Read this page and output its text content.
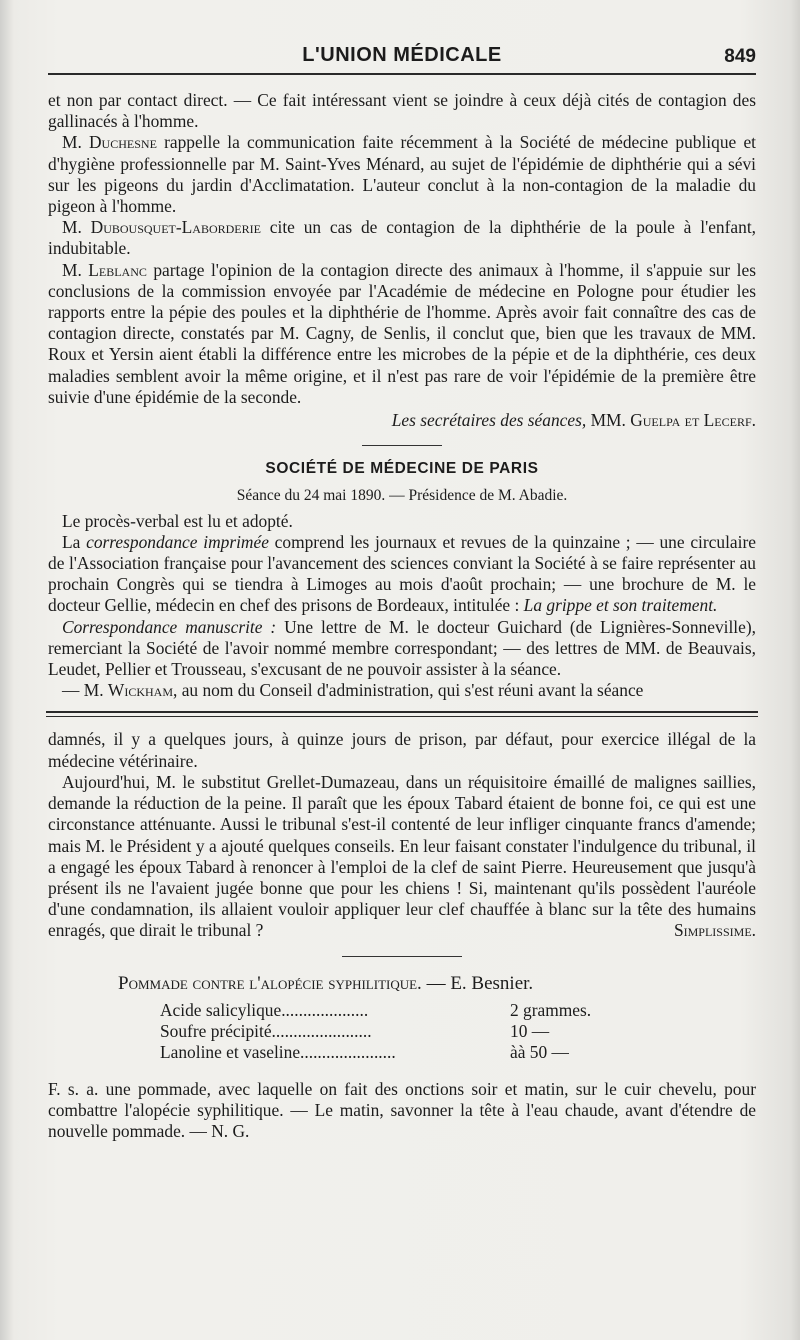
L'UNION MÉDICALE	849

et non par contact direct. — Ce fait intéressant vient se joindre à ceux déjà cités de contagion des gallinacés à l'homme.

M. Duchesne rappelle la communication faite récemment à la Société de médecine publique et d'hygiène professionnelle par M. Saint-Yves Ménard, au sujet de l'épidémie de diphthérie qui a sévi sur les pigeons du jardin d'Acclimatation. L'auteur conclut à la non-contagion de la maladie du pigeon à l'homme.

M. Dubousquet-Laborderie cite un cas de contagion de la diphthérie de la poule à l'enfant, indubitable.

M. Leblanc partage l'opinion de la contagion directe des animaux à l'homme, il s'appuie sur les conclusions de la commission envoyée par l'Académie de médecine en Pologne pour étudier les rapports entre la pépie des poules et la diphthérie de l'homme. Après avoir fait connaître des cas de contagion directe, constatés par M. Cagny, de Senlis, il conclut que, bien que les travaux de MM. Roux et Yersin aient établi la différence entre les microbes de la pépie et de la diphthérie, ces deux maladies semblent avoir la même origine, et il n'est pas rare de voir l'épidémie de la première être suivie d'une épidémie de la seconde.

Les secrétaires des séances, MM. Guelpa et Lecerf.

SOCIÉTÉ DE MÉDECINE DE PARIS

Séance du 24 mai 1890. — Présidence de M. Abadie.

Le procès-verbal est lu et adopté.

La correspondance imprimée comprend les journaux et revues de la quinzaine ; — une circulaire de l'Association française pour l'avancement des sciences conviant la Société à se faire représenter au prochain Congrès qui se tiendra à Limoges au mois d'août prochain; — une brochure de M. le docteur Gellie, médecin en chef des prisons de Bordeaux, intitulée : La grippe et son traitement.

Correspondance manuscrite : Une lettre de M. le docteur Guichard (de Lignières-Sonneville), remerciant la Société de l'avoir nommé membre correspondant; — des lettres de MM. de Beauvais, Leudet, Pellier et Trousseau, s'excusant de ne pouvoir assister à la séance.

— M. Wickham, au nom du Conseil d'administration, qui s'est réuni avant la séance

damnés, il y a quelques jours, à quinze jours de prison, par défaut, pour exercice illégal de la médecine vétérinaire.

Aujourd'hui, M. le substitut Grellet-Dumazeau, dans un réquisitoire émaillé de malignes saillies, demande la réduction de la peine. Il paraît que les époux Tabard étaient de bonne foi, ce qui est une circonstance atténuante. Aussi le tribunal s'est-il contenté de leur infliger cinquante francs d'amende; mais M. le Président y a ajouté quelques conseils. En leur faisant constater l'indulgence du tribunal, il a engagé les époux Tabard à renoncer à l'emploi de la clef de saint Pierre. Heureusement que jusqu'à présent ils ne l'avaient jugée bonne que pour les chiens ! Si, maintenant qu'ils possèdent l'auréole d'une condamnation, ils allaient vouloir appliquer leur clef chauffée à blanc sur la tête des humains enragés, que dirait le tribunal ?	Simplissime.

Pommade contre l'alopécie syphilitique. — E. Besnier.

Acide salicylique....................	2 grammes.
Soufre précipité.......................	10 —
Lanoline et vaseline......................	àà 50 —

F. s. a. une pommade, avec laquelle on fait des onctions soir et matin, sur le cuir chevelu, pour combattre l'alopécie syphilitique. — Le matin, savonner la tête à l'eau chaude, avant d'étendre de nouvelle pommade. — N. G.
